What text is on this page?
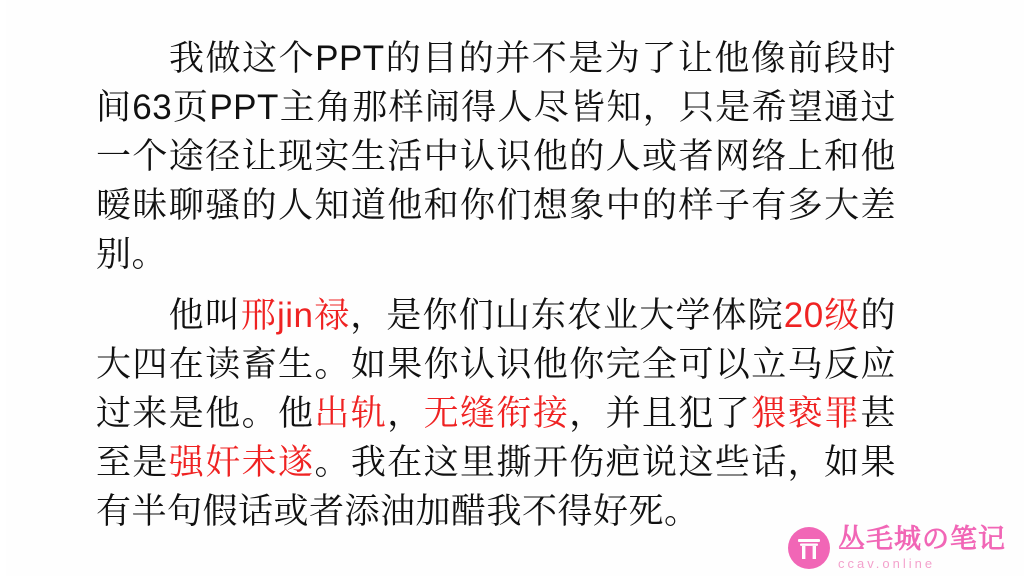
我做这个PPT的目的并不是为了让他像前段时间63页PPT主角那样闹得人尽皆知，只是希望通过一个途径让现实生活中认识他的人或者网络上和他暧昧聊骚的人知道他和你们想象中的样子有多大差别。

他叫邢jin禄，是你们山东农业大学体院20级的大四在读畜生。如果你认识他你完全可以立马反应过来是他。他出轨，无缝衔接，并且犯了猥亵罪甚至是强奸未遂。我在这里撕开伤疤说这些话，如果有半句假话或者添油加醋我不得好死。

丛毛城の笔记
ccav.online
